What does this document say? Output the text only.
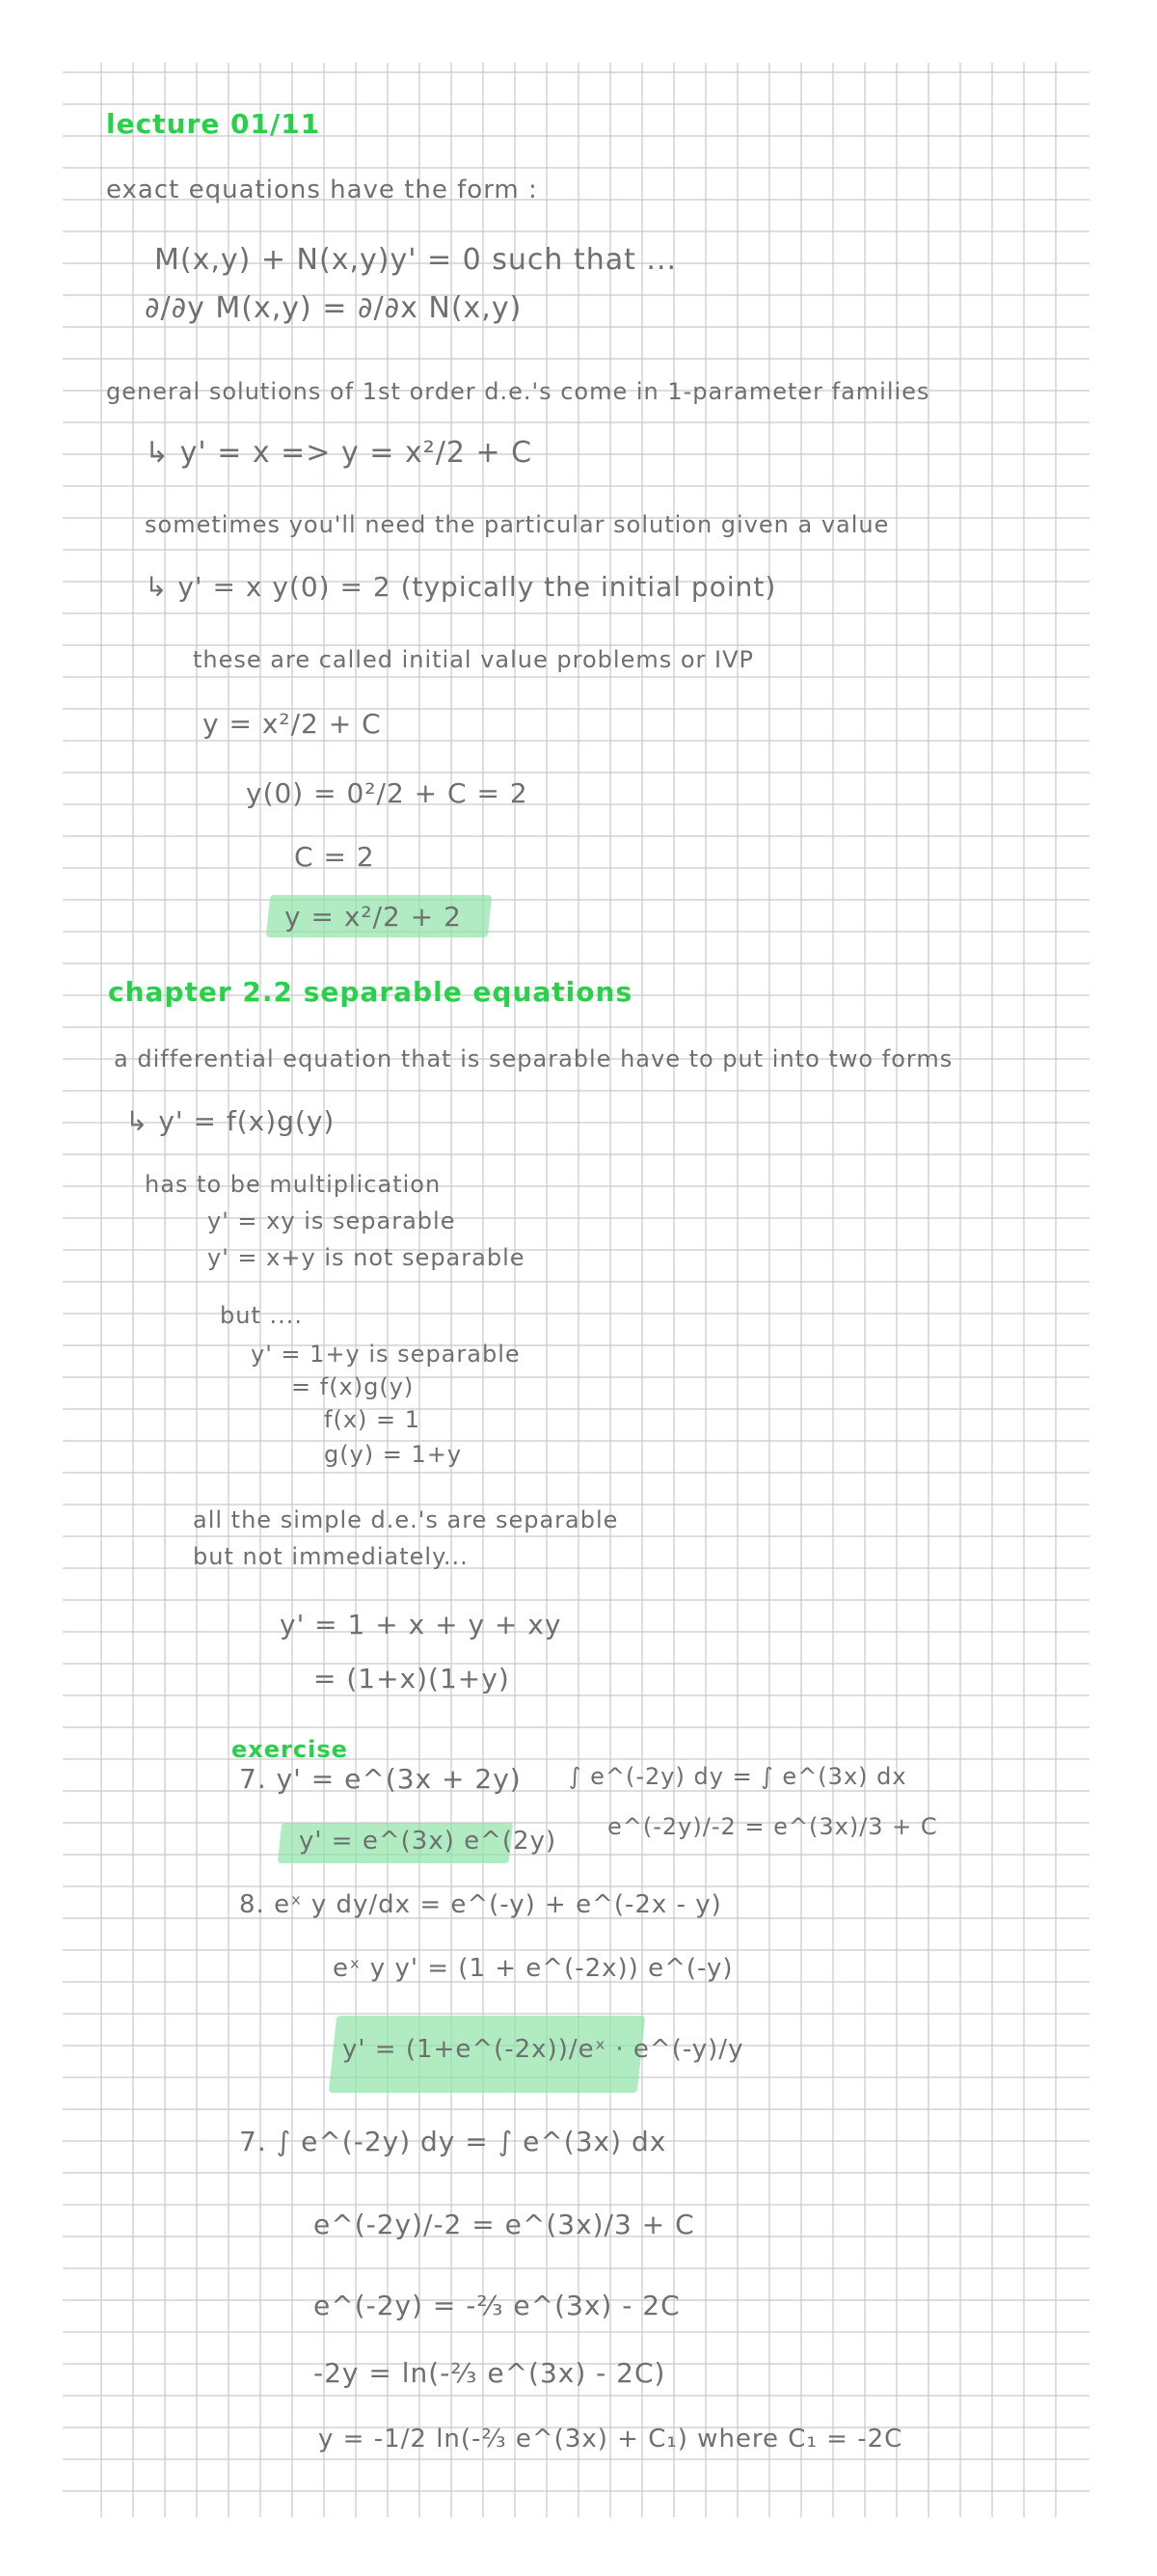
lecture 01/11
exact equations have the form :
M(x,y) + N(x,y)y' = 0 such that ...
∂/∂y M(x,y) = ∂/∂x N(x,y)
general solutions of 1st order d.e.'s come in 1-parameter families
↳ y' = x => y = x²/2 + C
sometimes you'll need the particular solution given a value
↳ y' = x y(0) = 2 (typically the initial point)
these are called initial value problems or IVP
y = x²/2 + C
y(0) = 0²/2 + C = 2
C = 2
y = x²/2 + 2
chapter 2.2 separable equations
a differential equation that is separable have to put into two forms
↳ y' = f(x)g(y)
has to be multiplication
y' = xy is separable
y' = x+y is not separable
but ....
y' = 1+y is separable
= f(x)g(y)
f(x) = 1
g(y) = 1+y
all the simple d.e.'s are separable
but not immediately...
y' = 1 + x + y + xy
= (1+x)(1+y)
exercise
7. y' = e^(3x + 2y) ∫ e^(-2y) dy = ∫ e^(3x) dx
e^(-2y)/-2 = e^(3x)/3 + C
y' = e^(3x) e^(2y)
8. eˣ y dy/dx = e^(-y) + e^(-2x - y)
eˣ y y' = (1 + e^(-2x)) e^(-y)
y' = (1+e^(-2x))/eˣ · e^(-y)/y
7. ∫ e^(-2y) dy = ∫ e^(3x) dx
e^(-2y)/-2 = e^(3x)/3 + C
e^(-2y) = -⅔ e^(3x) - 2C
-2y = ln(-⅔ e^(3x) - 2C)
y = -1/2 ln(-⅔ e^(3x) + C₁) where C₁ = -2C
